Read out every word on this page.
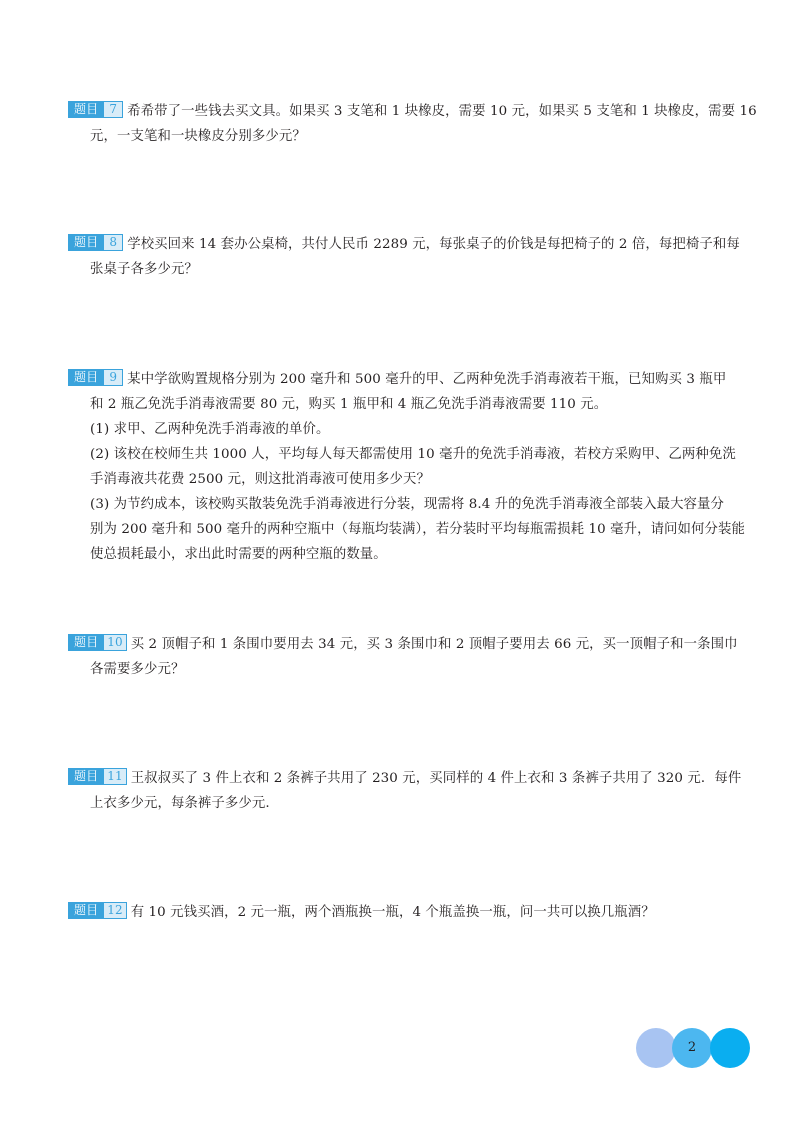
题目 7 希希带了一些钱去买文具。如果买 3 支笔和 1 块橡皮，需要 10 元，如果买 5 支笔和 1 块橡皮，需要 16
元，一支笔和一块橡皮分别多少元？
题目 8 学校买回来 14 套办公桌椅，共付人民币 2289 元，每张桌子的价钱是每把椅子的 2 倍，每把椅子和每
张桌子各多少元？
题目 9 某中学欲购置规格分别为 200 毫升和 500 毫升的甲、乙两种免洗手消毒液若干瓶，已知购买 3 瓶甲
和 2 瓶乙免洗手消毒液需要 80 元，购买 1 瓶甲和 4 瓶乙免洗手消毒液需要 110 元。
(1) 求甲、乙两种免洗手消毒液的单价。
(2) 该校在校师生共 1000 人，平均每人每天都需使用 10 毫升的免洗手消毒液，若校方采购甲、乙两种免洗
手消毒液共花费 2500 元，则这批消毒液可使用多少天？
(3) 为节约成本，该校购买散装免洗手消毒液进行分装，现需将 8.4 升的免洗手消毒液全部装入最大容量分
别为 200 毫升和 500 毫升的两种空瓶中（每瓶均装满），若分装时平均每瓶需损耗 10 毫升，请问如何分装能
使总损耗最小，求出此时需要的两种空瓶的数量。
题目 10 买 2 顶帽子和 1 条围巾要用去 34 元，买 3 条围巾和 2 顶帽子要用去 66 元，买一顶帽子和一条围巾
各需要多少元？
题目 11 王叔叔买了 3 件上衣和 2 条裤子共用了 230 元，买同样的 4 件上衣和 3 条裤子共用了 320 元．每件
上衣多少元，每条裤子多少元.
题目 12 有 10 元钱买酒，2 元一瓶，两个酒瓶换一瓶，4 个瓶盖换一瓶，问一共可以换几瓶酒？
2
